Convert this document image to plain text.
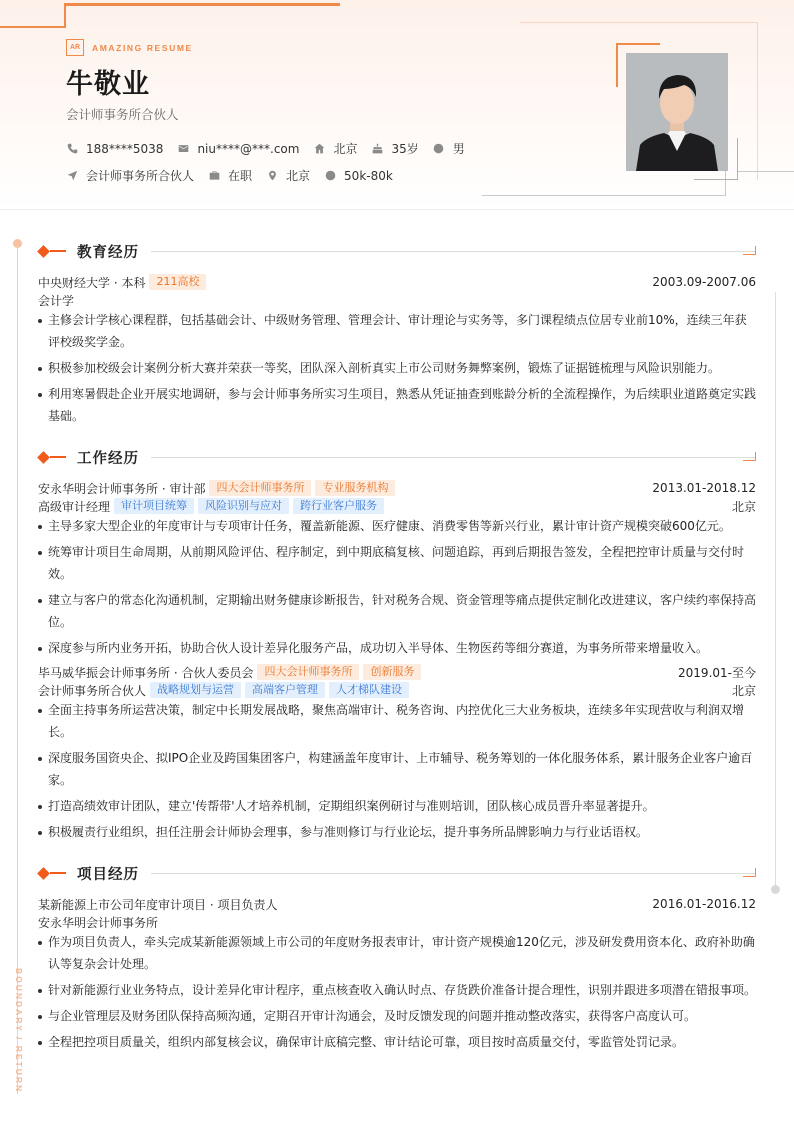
AR	AMAZING RESUME
牛敬业
会计师事务所合伙人
188****5038	niu****@***.com	北京	35岁	男
会计师事务所合伙人	在职	北京	50k-80k
BOUNDARY / RETURN
教育经历
中央财经大学 · 本科	211高校	2003.09-2007.06
会计学
主修会计学核心课程群，包括基础会计、中级财务管理、管理会计、审计理论与实务等，多门课程绩点位居专业前10%，连续三年获评校级奖学金。
积极参加校级会计案例分析大赛并荣获一等奖，团队深入剖析真实上市公司财务舞弊案例，锻炼了证据链梳理与风险识别能力。
利用寒暑假赴企业开展实地调研，参与会计师事务所实习生项目，熟悉从凭证抽查到账龄分析的全流程操作，为后续职业道路奠定实践基础。
工作经历
安永华明会计师事务所 · 审计部	四大会计师事务所	专业服务机构	2013.01-2018.12
高级审计经理	审计项目统筹	风险识别与应对	跨行业客户服务	北京
主导多家大型企业的年度审计与专项审计任务，覆盖新能源、医疗健康、消费零售等新兴行业，累计审计资产规模突破600亿元。
统筹审计项目生命周期，从前期风险评估、程序制定，到中期底稿复核、问题追踪，再到后期报告签发，全程把控审计质量与交付时效。
建立与客户的常态化沟通机制，定期输出财务健康诊断报告，针对税务合规、资金管理等痛点提供定制化改进建议，客户续约率保持高位。
深度参与所内业务开拓，协助合伙人设计差异化服务产品，成功切入半导体、生物医药等细分赛道，为事务所带来增量收入。
毕马威华振会计师事务所 · 合伙人委员会	四大会计师事务所	创新服务	2019.01-至今
会计师事务所合伙人	战略规划与运营	高端客户管理	人才梯队建设	北京
全面主持事务所运营决策，制定中长期发展战略，聚焦高端审计、税务咨询、内控优化三大业务板块，连续多年实现营收与利润双增长。
深度服务国资央企、拟IPO企业及跨国集团客户，构建涵盖年度审计、上市辅导、税务筹划的一体化服务体系，累计服务企业客户逾百家。
打造高绩效审计团队，建立'传帮带'人才培养机制，定期组织案例研讨与准则培训，团队核心成员晋升率显著提升。
积极履责行业组织，担任注册会计师协会理事，参与准则修订与行业论坛，提升事务所品牌影响力与行业话语权。
项目经历
某新能源上市公司年度审计项目 · 项目负责人	2016.01-2016.12
安永华明会计师事务所
作为项目负责人，牵头完成某新能源领域上市公司的年度财务报表审计，审计资产规模逾120亿元，涉及研发费用资本化、政府补助确认等复杂会计处理。
针对新能源行业业务特点，设计差异化审计程序，重点核查收入确认时点、存货跌价准备计提合理性，识别并跟进多项潜在错报事项。
与企业管理层及财务团队保持高频沟通，定期召开审计沟通会，及时反馈发现的问题并推动整改落实，获得客户高度认可。
全程把控项目质量关，组织内部复核会议，确保审计底稿完整、审计结论可靠，项目按时高质量交付，零监管处罚记录。
